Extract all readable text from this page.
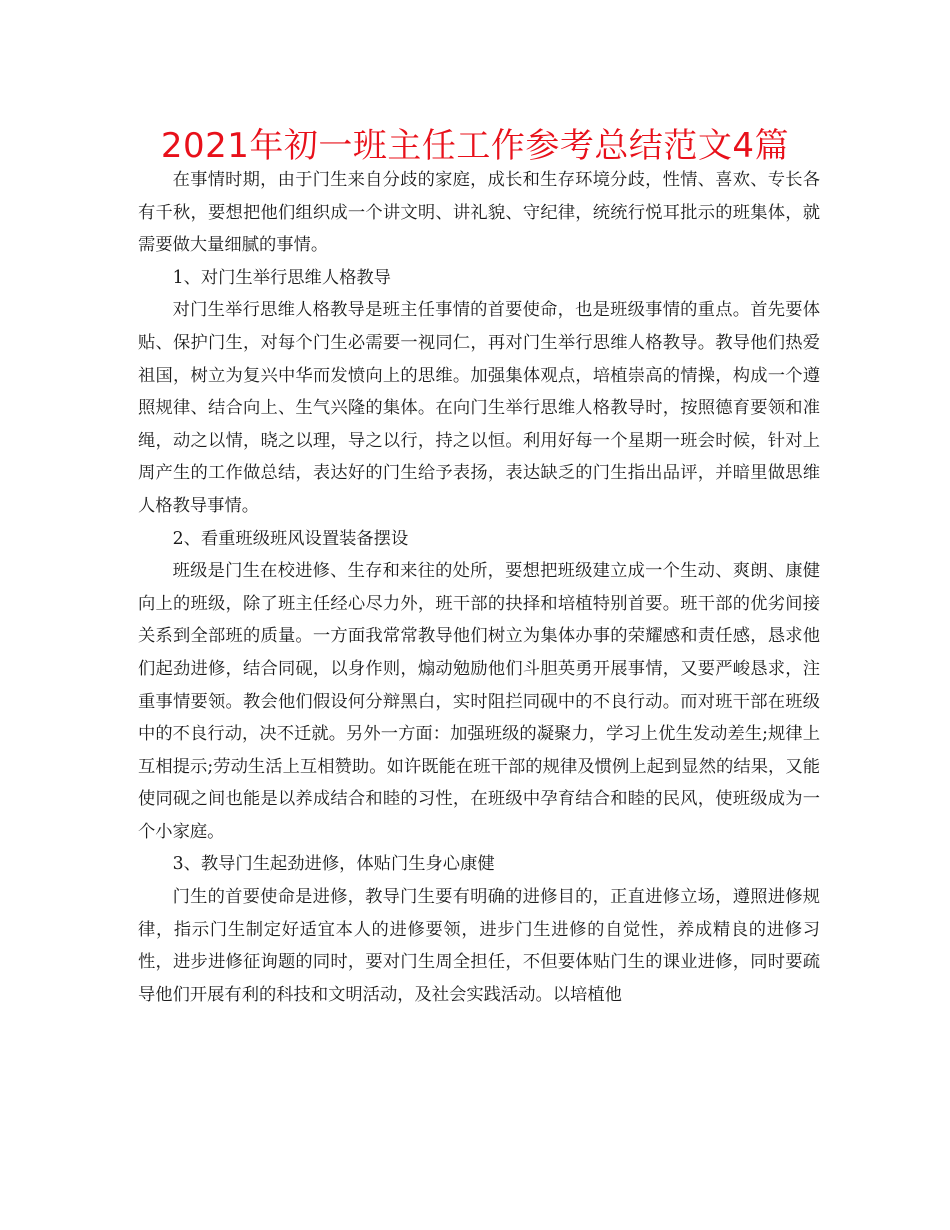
2021年初一班主任工作参考总结范文4篇

在事情时期，由于门生来自分歧的家庭，成长和生存环境分歧，性情、喜欢、专长各有千秋，要想把他们组织成一个讲文明、讲礼貌、守纪律，统统行悦耳批示的班集体，就需要做大量细腻的事情。

1、对门生举行思维人格教导

对门生举行思维人格教导是班主任事情的首要使命，也是班级事情的重点。首先要体贴、保护门生，对每个门生必需要一视同仁，再对门生举行思维人格教导。教导他们热爱祖国，树立为复兴中华而发愤向上的思维。加强集体观点，培植崇高的情操，构成一个遵照规律、结合向上、生气兴隆的集体。在向门生举行思维人格教导时，按照德育要领和准绳，动之以情，晓之以理，导之以行，持之以恒。利用好每一个星期一班会时候，针对上周产生的工作做总结，表达好的门生给予表扬，表达缺乏的门生指出品评，并暗里做思维人格教导事情。

2、看重班级班风设置装备摆设

班级是门生在校进修、生存和来往的处所，要想把班级建立成一个生动、爽朗、康健向上的班级，除了班主任经心尽力外，班干部的抉择和培植特别首要。班干部的优劣间接关系到全部班的质量。一方面我常常教导他们树立为集体办事的荣耀感和责任感，恳求他们起劲进修，结合同砚，以身作则，煽动勉励他们斗胆英勇开展事情，又要严峻恳求，注重事情要领。教会他们假设何分辩黑白，实时阻拦同砚中的不良行动。而对班干部在班级中的不良行动，决不迁就。另外一方面：加强班级的凝聚力，学习上优生发动差生;规律上互相提示;劳动生活上互相赞助。如许既能在班干部的规律及惯例上起到显然的结果，又能使同砚之间也能是以养成结合和睦的习性，在班级中孕育结合和睦的民风，使班级成为一个小家庭。

3、教导门生起劲进修，体贴门生身心康健

门生的首要使命是进修，教导门生要有明确的进修目的，正直进修立场，遵照进修规律，指示门生制定好适宜本人的进修要领，进步门生进修的自觉性，养成精良的进修习性，进步进修征询题的同时，要对门生周全担任，不但要体贴门生的课业进修，同时要疏导他们开展有利的科技和文明活动，及社会实践活动。以培植他
